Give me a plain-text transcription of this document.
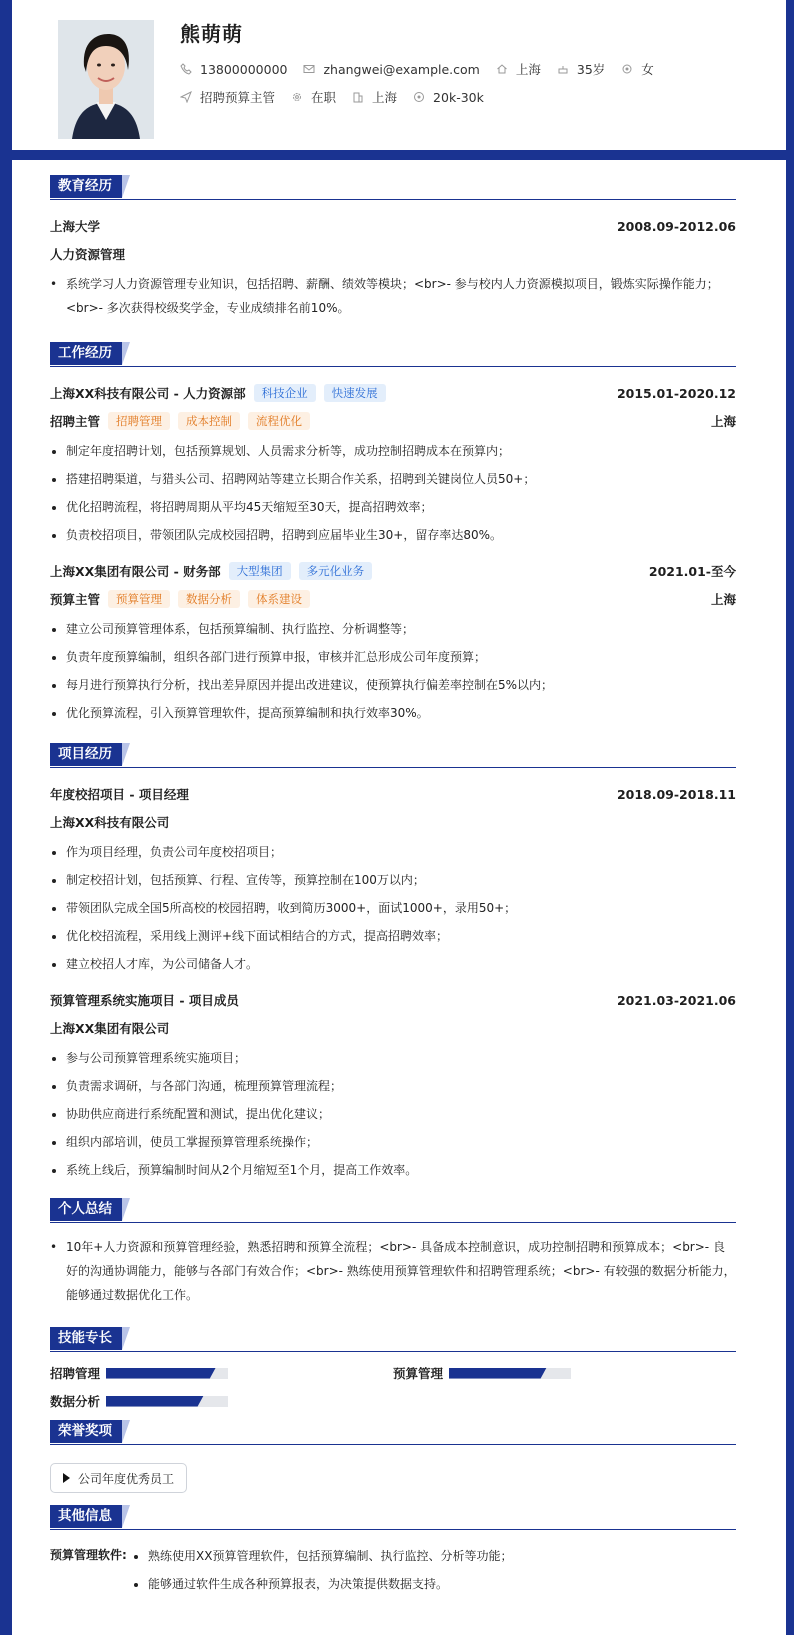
熊萌萌
13800000000	zhangwei@example.com	上海	35岁	女
招聘预算主管	在职	上海	20k-30k
教育经历
上海大学	2008.09-2012.06
人力资源管理
• 系统学习人力资源管理专业知识，包括招聘、薪酬、绩效等模块；<br>- 参与校内人力资源模拟项目，锻炼实际操作能力；<br>- 多次获得校级奖学金，专业成绩排名前10%。
工作经历
上海XX科技有限公司 - 人力资源部	科技企业	快速发展	2015.01-2020.12
招聘主管	招聘管理	成本控制	流程优化	上海
• 制定年度招聘计划，包括预算规划、人员需求分析等，成功控制招聘成本在预算内；
• 搭建招聘渠道，与猎头公司、招聘网站等建立长期合作关系，招聘到关键岗位人员50+；
• 优化招聘流程，将招聘周期从平均45天缩短至30天，提高招聘效率；
• 负责校招项目，带领团队完成校园招聘，招聘到应届毕业生30+，留存率达80%。
上海XX集团有限公司 - 财务部	大型集团	多元化业务	2021.01-至今
预算主管	预算管理	数据分析	体系建设	上海
• 建立公司预算管理体系，包括预算编制、执行监控、分析调整等；
• 负责年度预算编制，组织各部门进行预算申报，审核并汇总形成公司年度预算；
• 每月进行预算执行分析，找出差异原因并提出改进建议，使预算执行偏差率控制在5%以内；
• 优化预算流程，引入预算管理软件，提高预算编制和执行效率30%。
项目经历
年度校招项目 - 项目经理	2018.09-2018.11
上海XX科技有限公司
• 作为项目经理，负责公司年度校招项目；
• 制定校招计划，包括预算、行程、宣传等，预算控制在100万以内；
• 带领团队完成全国5所高校的校园招聘，收到简历3000+，面试1000+，录用50+；
• 优化校招流程，采用线上测评+线下面试相结合的方式，提高招聘效率；
• 建立校招人才库，为公司储备人才。
预算管理系统实施项目 - 项目成员	2021.03-2021.06
上海XX集团有限公司
• 参与公司预算管理系统实施项目；
• 负责需求调研，与各部门沟通，梳理预算管理流程；
• 协助供应商进行系统配置和测试，提出优化建议；
• 组织内部培训，使员工掌握预算管理系统操作；
• 系统上线后，预算编制时间从2个月缩短至1个月，提高工作效率。
个人总结
• 10年+人力资源和预算管理经验，熟悉招聘和预算全流程；<br>- 具备成本控制意识，成功控制招聘和预算成本；<br>- 良好的沟通协调能力，能够与各部门有效合作；<br>- 熟练使用预算管理软件和招聘管理系统；<br>- 有较强的数据分析能力，能够通过数据优化工作。
技能专长
招聘管理	预算管理
数据分析
荣誉奖项
公司年度优秀员工
其他信息
预算管理软件:
• 熟练使用XX预算管理软件，包括预算编制、执行监控、分析等功能；
• 能够通过软件生成各种预算报表，为决策提供数据支持。
